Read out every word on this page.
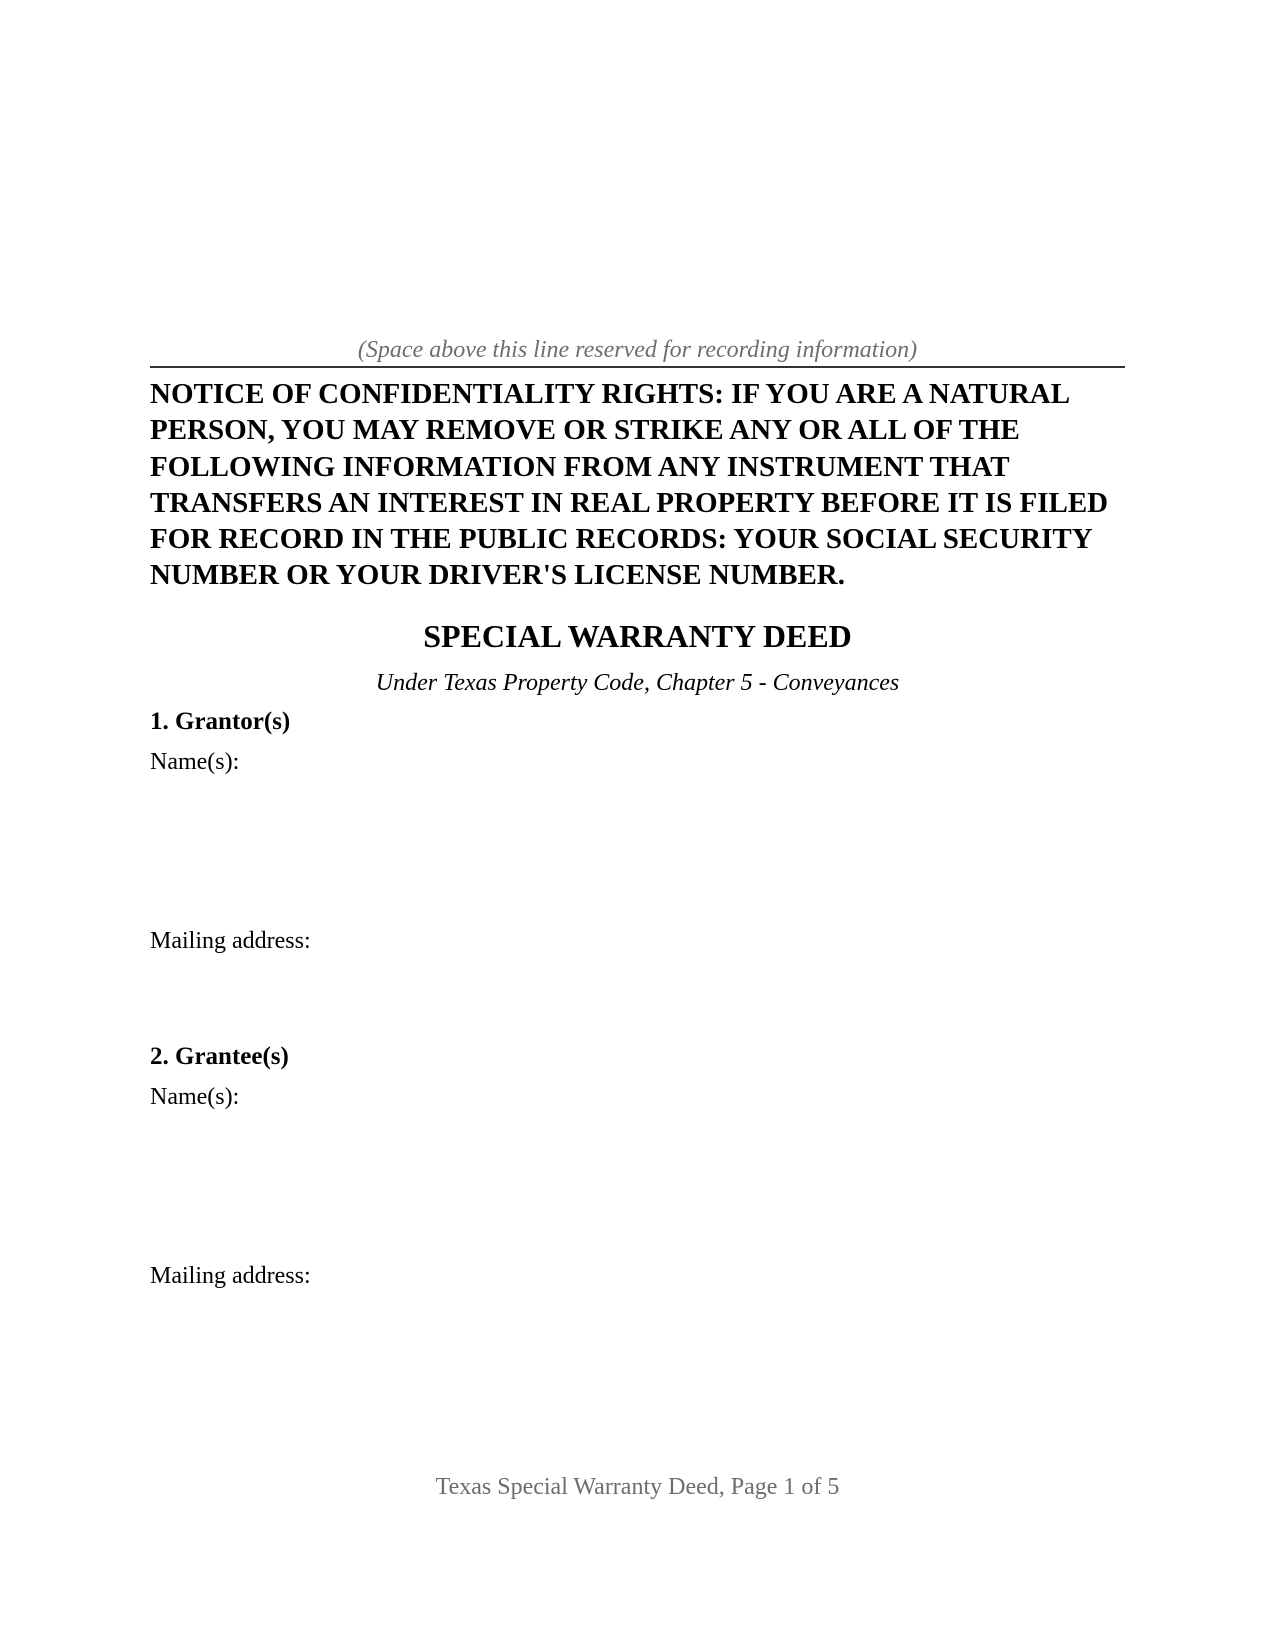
(Space above this line reserved for recording information)

NOTICE OF CONFIDENTIALITY RIGHTS: IF YOU ARE A NATURAL PERSON, YOU MAY REMOVE OR STRIKE ANY OR ALL OF THE FOLLOWING INFORMATION FROM ANY INSTRUMENT THAT TRANSFERS AN INTEREST IN REAL PROPERTY BEFORE IT IS FILED FOR RECORD IN THE PUBLIC RECORDS: YOUR SOCIAL SECURITY NUMBER OR YOUR DRIVER'S LICENSE NUMBER.

SPECIAL WARRANTY DEED
Under Texas Property Code, Chapter 5 - Conveyances
1. Grantor(s)
Name(s):
Mailing address:
2. Grantee(s)
Name(s):
Mailing address:
Texas Special Warranty Deed, Page 1 of 5
